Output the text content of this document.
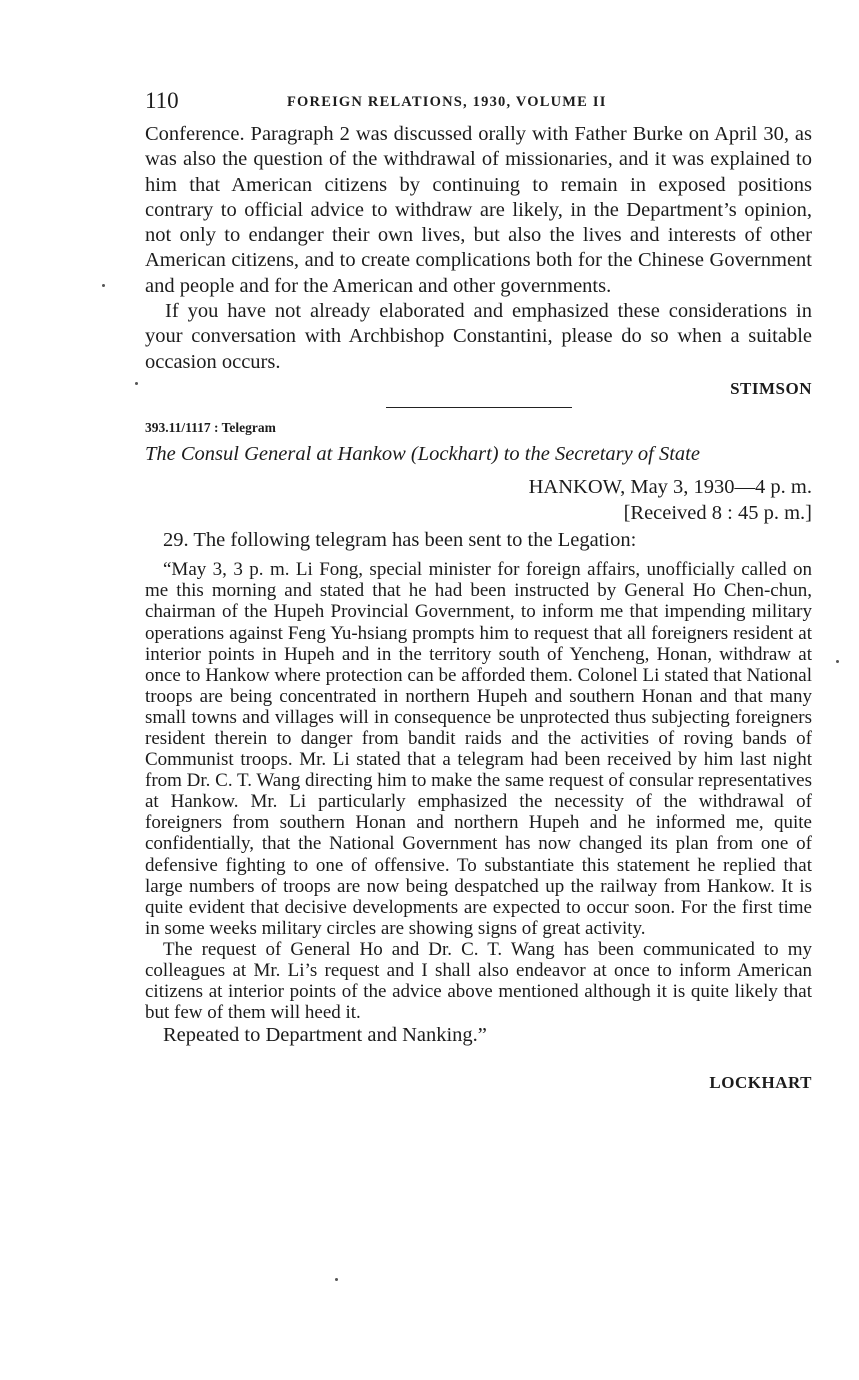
110	FOREIGN RELATIONS, 1930, VOLUME II

Conference. Paragraph 2 was discussed orally with Father Burke on April 30, as was also the question of the withdrawal of missionaries, and it was explained to him that American citizens by continuing to remain in exposed positions contrary to official advice to withdraw are likely, in the Department’s opinion, not only to endanger their own lives, but also the lives and interests of other American citizens, and to create complications both for the Chinese Government and people and for the American and other governments.

If you have not already elaborated and emphasized these considerations in your conversation with Archbishop Constantini, please do so when a suitable occasion occurs.

STIMSON

393.11/1117 : Telegram

The Consul General at Hankow (Lockhart) to the Secretary of State

HANKOW, May 3, 1930—4 p. m.
[Received 8 : 45 p. m.]

29. The following telegram has been sent to the Legation:

“May 3, 3 p. m. Li Fong, special minister for foreign affairs, unofficially called on me this morning and stated that he had been instructed by General Ho Chen-chun, chairman of the Hupeh Provincial Government, to inform me that impending military operations against Feng Yu-hsiang prompts him to request that all foreigners resident at interior points in Hupeh and in the territory south of Yencheng, Honan, withdraw at once to Hankow where protection can be afforded them. Colonel Li stated that National troops are being concentrated in northern Hupeh and southern Honan and that many small towns and villages will in consequence be unprotected thus subjecting foreigners resident therein to danger from bandit raids and the activities of roving bands of Communist troops. Mr. Li stated that a telegram had been received by him last night from Dr. C. T. Wang directing him to make the same request of consular representatives at Hankow. Mr. Li particularly emphasized the necessity of the withdrawal of foreigners from southern Honan and northern Hupeh and he informed me, quite confidentially, that the National Government has now changed its plan from one of defensive fighting to one of offensive. To substantiate this statement he replied that large numbers of troops are now being despatched up the railway from Hankow. It is quite evident that decisive developments are expected to occur soon. For the first time in some weeks military circles are showing signs of great activity.

The request of General Ho and Dr. C. T. Wang has been communicated to my colleagues at Mr. Li’s request and I shall also endeavor at once to inform American citizens at interior points of the advice above mentioned although it is quite likely that but few of them will heed it.

Repeated to Department and Nanking.”

LOCKHART
